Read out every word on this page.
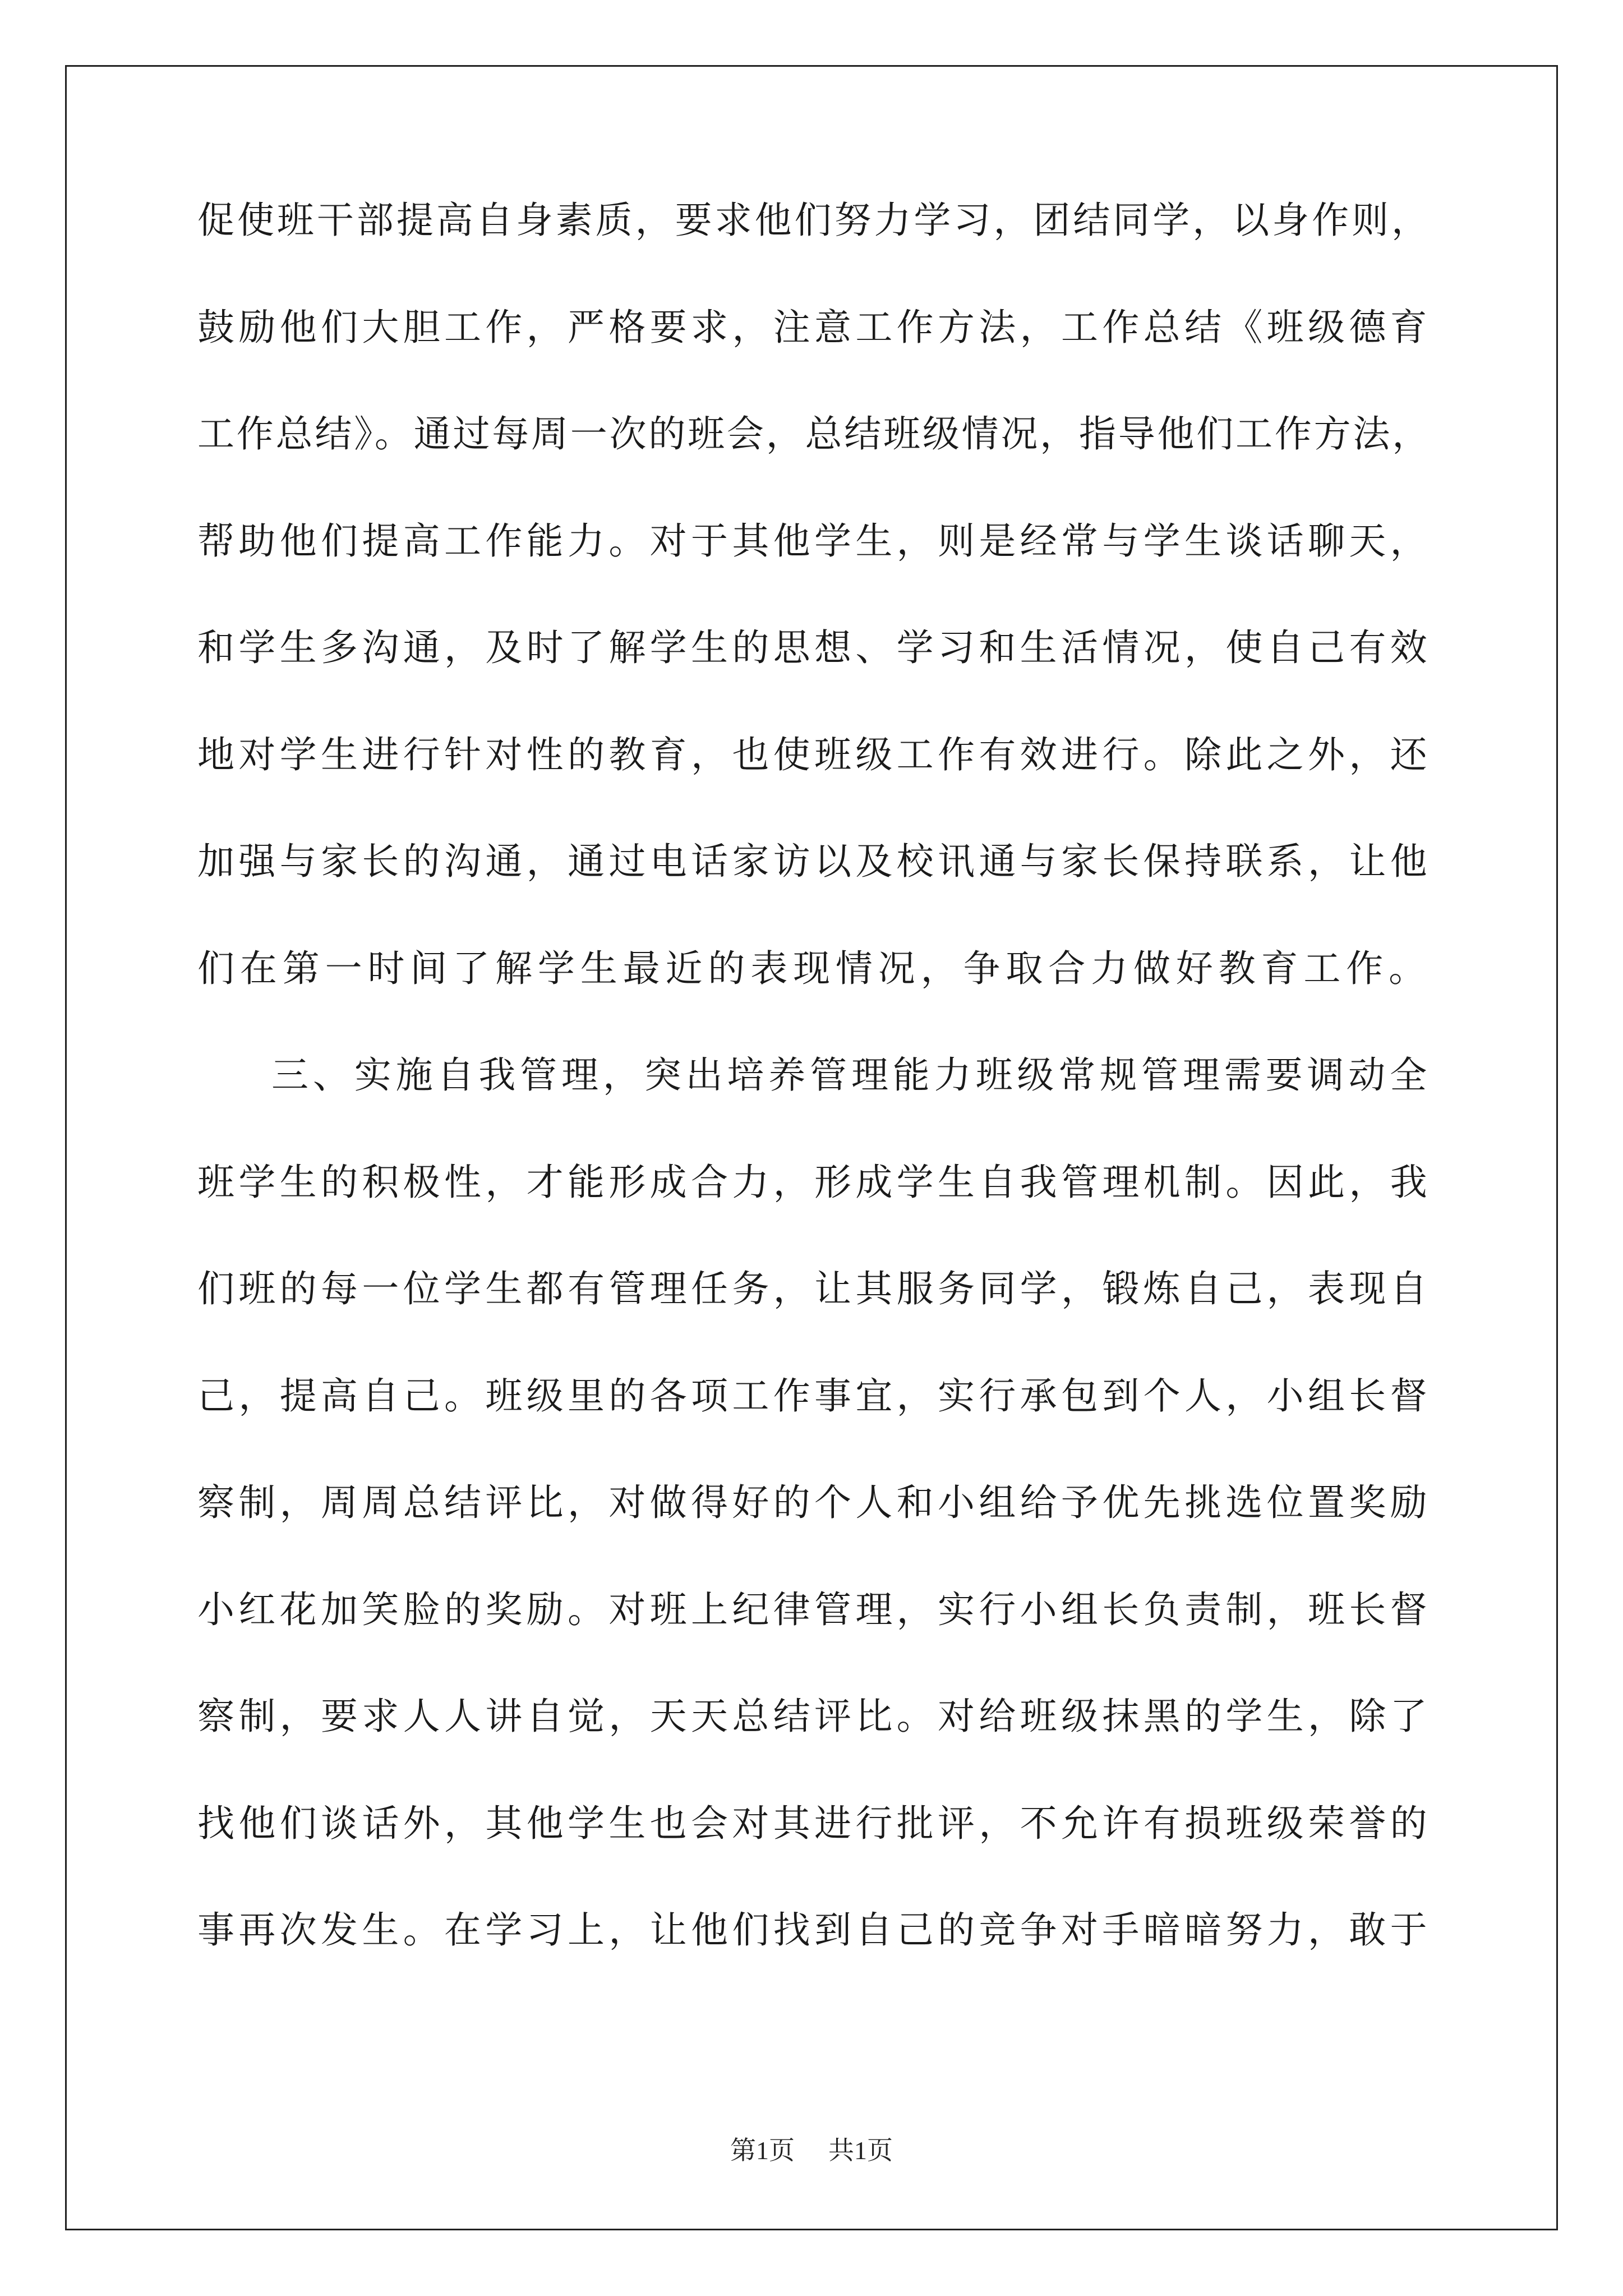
促使班干部提高自身素质，要求他们努力学习，团结同学，以身作则，
鼓励他们大胆工作，严格要求，注意工作方法，工作总结《班级德育
工作总结》。通过每周一次的班会，总结班级情况，指导他们工作方法，
帮助他们提高工作能力。对于其他学生，则是经常与学生谈话聊天，
和学生多沟通，及时了解学生的思想、学习和生活情况，使自己有效
地对学生进行针对性的教育，也使班级工作有效进行。除此之外，还
加强与家长的沟通，通过电话家访以及校讯通与家长保持联系，让他
们在第一时间了解学生最近的表现情况，争取合力做好教育工作。
三、实施自我管理，突出培养管理能力班级常规管理需要调动全
班学生的积极性，才能形成合力，形成学生自我管理机制。因此，我
们班的每一位学生都有管理任务，让其服务同学，锻炼自己，表现自
己，提高自己。班级里的各项工作事宜，实行承包到个人，小组长督
察制，周周总结评比，对做得好的个人和小组给予优先挑选位置奖励
小红花加笑脸的奖励。对班上纪律管理，实行小组长负责制，班长督
察制，要求人人讲自觉，天天总结评比。对给班级抹黑的学生，除了
找他们谈话外，其他学生也会对其进行批评，不允许有损班级荣誉的
事再次发生。在学习上，让他们找到自己的竞争对手暗暗努力，敢于
第1页 共1页
